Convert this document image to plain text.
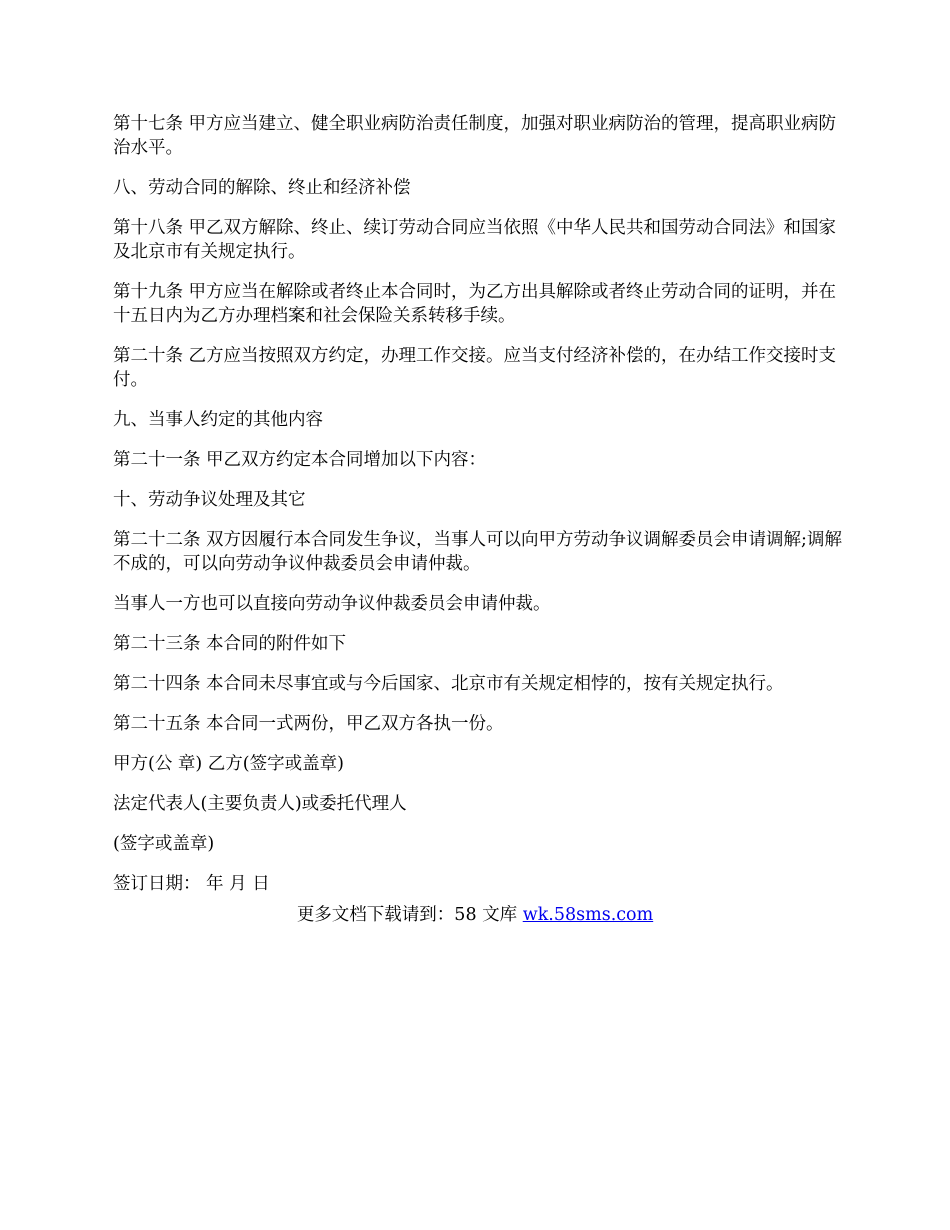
第十七条 甲方应当建立、健全职业病防治责任制度，加强对职业病防治的管理，提高职业病防治水平。

八、劳动合同的解除、终止和经济补偿

第十八条 甲乙双方解除、终止、续订劳动合同应当依照《中华人民共和国劳动合同法》和国家及北京市有关规定执行。

第十九条 甲方应当在解除或者终止本合同时，为乙方出具解除或者终止劳动合同的证明，并在十五日内为乙方办理档案和社会保险关系转移手续。

第二十条 乙方应当按照双方约定，办理工作交接。应当支付经济补偿的，在办结工作交接时支付。

九、当事人约定的其他内容

第二十一条 甲乙双方约定本合同增加以下内容：

十、劳动争议处理及其它

第二十二条 双方因履行本合同发生争议，当事人可以向甲方劳动争议调解委员会申请调解;调解不成的，可以向劳动争议仲裁委员会申请仲裁。

当事人一方也可以直接向劳动争议仲裁委员会申请仲裁。

第二十三条 本合同的附件如下

第二十四条 本合同未尽事宜或与今后国家、北京市有关规定相悖的，按有关规定执行。

第二十五条 本合同一式两份，甲乙双方各执一份。

甲方(公 章) 乙方(签字或盖章)

法定代表人(主要负责人)或委托代理人

(签字或盖章)

签订日期： 年 月 日

更多文档下载请到：58 文库 wk.58sms.com
